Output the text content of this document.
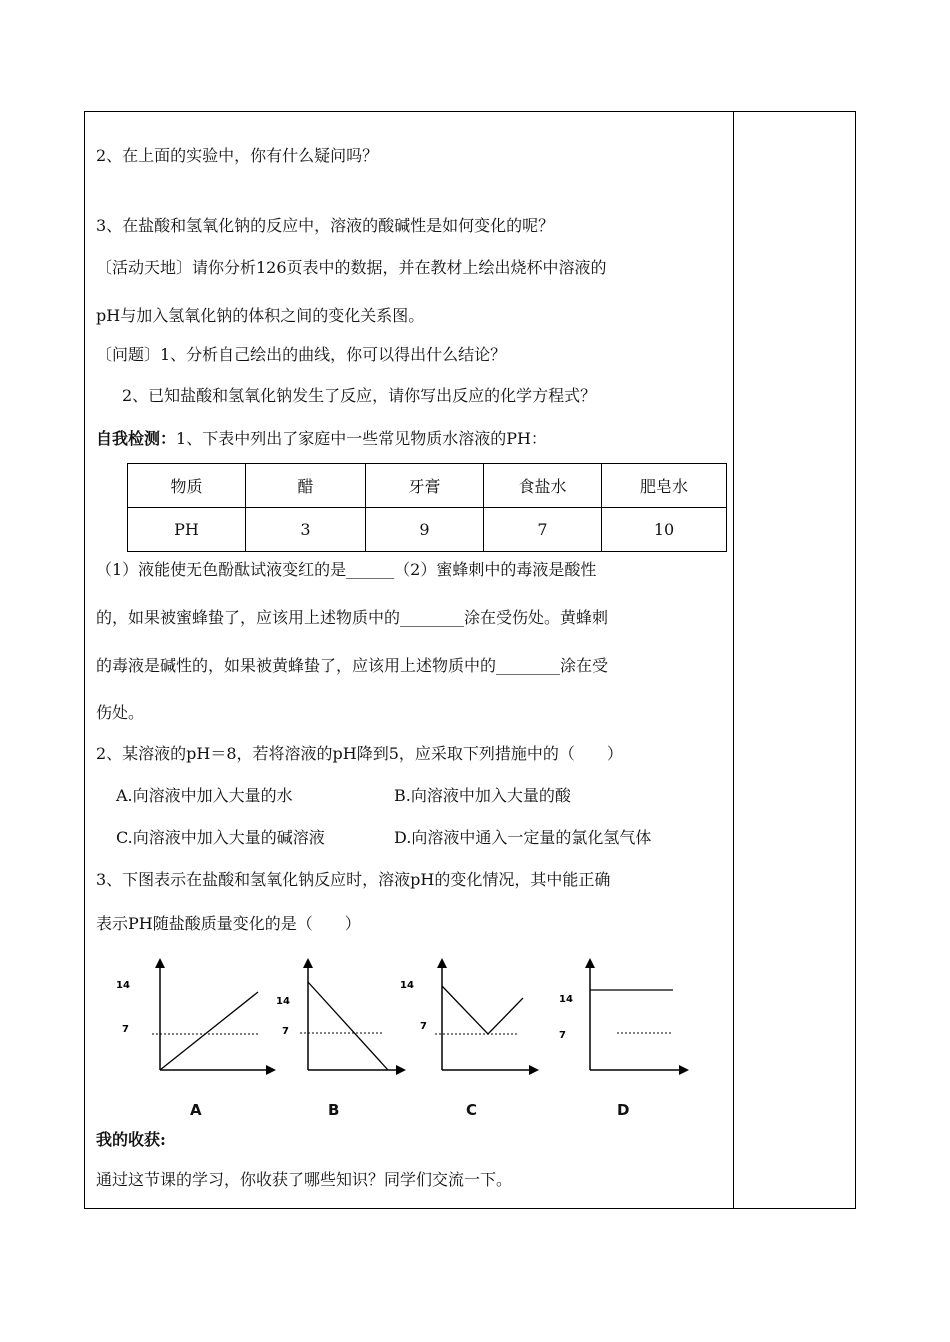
2、在上面的实验中，你有什么疑问吗？
3、在盐酸和氢氧化钠的反应中，溶液的酸碱性是如何变化的呢？
〔活动天地〕请你分析126页表中的数据，并在教材上绘出烧杯中溶液的
pH与加入氢氧化钠的体积之间的变化关系图。
〔问题〕1、分析自己绘出的曲线，你可以得出什么结论？
2、已知盐酸和氢氧化钠发生了反应，请你写出反应的化学方程式？
自我检测：1、下表中列出了家庭中一些常见物质水溶液的PH：
物质	醋	牙膏	食盐水	肥皂水
PH	3	9	7	10
（1）液能使无色酚酞试液变红的是______（2）蜜蜂刺中的毒液是酸性
的，如果被蜜蜂蛰了，应该用上述物质中的________涂在受伤处。黄蜂刺
的毒液是碱性的，如果被黄蜂蛰了，应该用上述物质中的________涂在受
伤处。
2、某溶液的pH＝8，若将溶液的pH降到5，应采取下列措施中的（　　）
A.向溶液中加入大量的水	B.向溶液中加入大量的酸
C.向溶液中加入大量的碱溶液	D.向溶液中通入一定量的氯化氢气体
3、下图表示在盐酸和氢氧化钠反应时，溶液pH的变化情况，其中能正确
表示PH随盐酸质量变化的是（　　）
14
7
A
14
7
B
14
7
C
14
7
D
我的收获:
通过这节课的学习，你收获了哪些知识？同学们交流一下。
